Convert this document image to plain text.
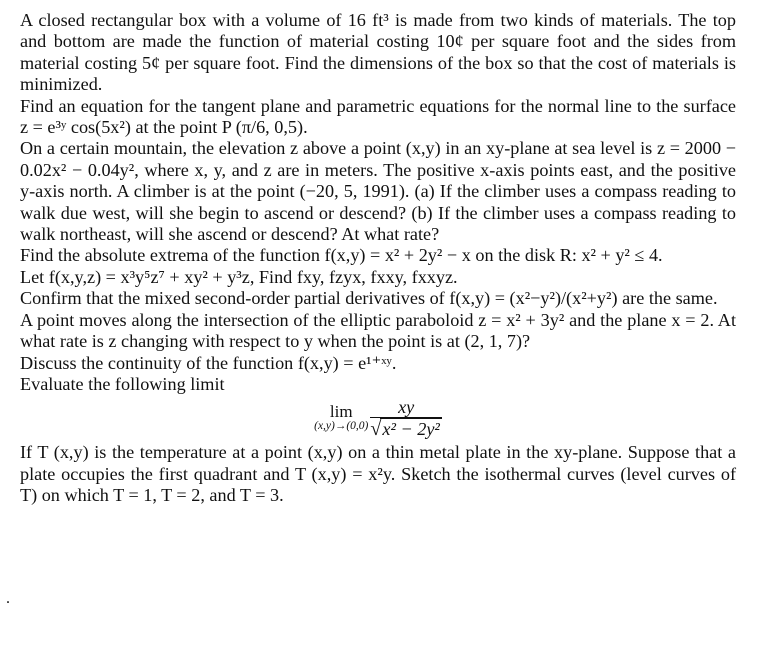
A closed rectangular box with a volume of 16 ft³ is made from two kinds of materials. The top and bottom are made the function of material costing 10¢ per square foot and the sides from material costing 5¢ per square foot. Find the dimensions of the box so that the cost of materials is minimized.

Find an equation for the tangent plane and parametric equations for the normal line to the surface z = e³ʸ cos(5x²) at the point P (π/6, 0,5).

On a certain mountain, the elevation z above a point (x,y) in an xy-plane at sea level is z = 2000 − 0.02x² − 0.04y², where x, y, and z are in meters. The positive x-axis points east, and the positive y-axis north. A climber is at the point (−20, 5, 1991). (a) If the climber uses a compass reading to walk due west, will she begin to ascend or descend? (b) If the climber uses a compass reading to walk northeast, will she ascend or descend? At what rate?

Find the absolute extrema of the function f(x,y) = x² + 2y² − x on the disk R: x² + y² ≤ 4.

Let f(x,y,z) = x³y⁵z⁷ + xy² + y³z, Find fxy, fzyx, fxxy, fxxyz.

Confirm that the mixed second-order partial derivatives of f(x,y) = (x²−y²)/(x²+y²) are the same.

A point moves along the intersection of the elliptic paraboloid z = x² + 3y² and the plane x = 2. At what rate is z changing with respect to y when the point is at (2, 1, 7)?

Discuss the continuity of the function f(x,y) = e¹⁺ˣʸ.

Evaluate the following limit

lim
$(x,y)\to(0,0) \frac{xy}{\text{√x² − 2y²}}$

If T (x,y) is the temperature at a point (x,y) on a thin metal plate in the xy-plane. Suppose that a plate occupies the first quadrant and T (x,y) = x²y. Sketch the isothermal curves (level curves of T) on which T = 1, T = 2, and T = 3.

.
